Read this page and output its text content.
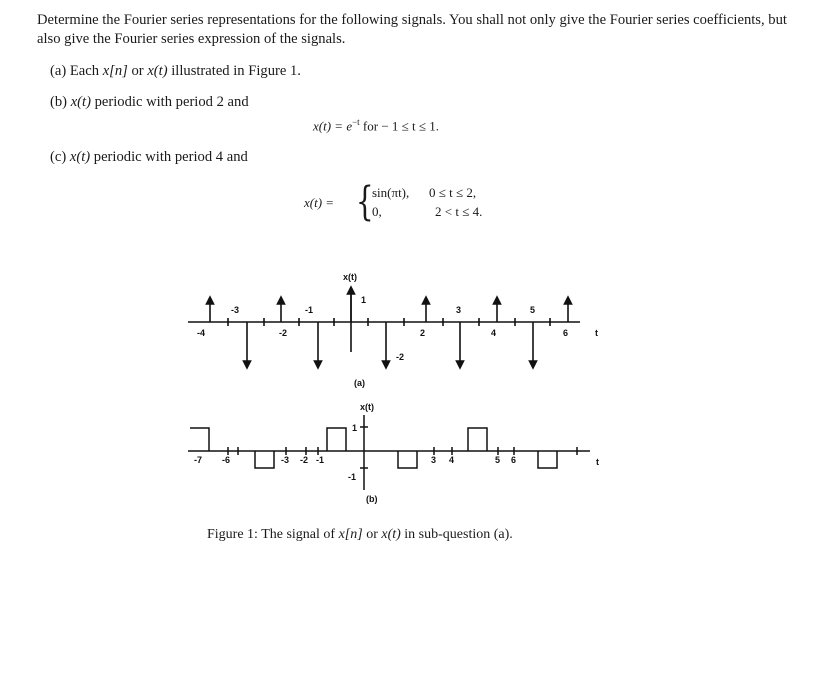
Determine the Fourier series representations for the following signals. You shall not only give the Fourier series coefficients, but also give the Fourier series expression of the signals.
(a) Each x[n] or x(t) illustrated in Figure 1.
(b) x(t) periodic with period 2 and
$x(t) = e^{-t}$ for − 1 ≤ t ≤ 1.
(c) x(t) periodic with period 4 and
x(t) = {
sin(πt), 0 ≤ t ≤ 2,
0,	2 < t ≤ 4.
x(t)
-3	-1
1
3	5
-4	-2
-2
2	4	6	t
(a)
x(t)
1
-1
-7 -6	-3 -2 -1	3 4	5 6	t
(b)
Figure 1: The signal of x[n] or x(t) in sub-question (a).
